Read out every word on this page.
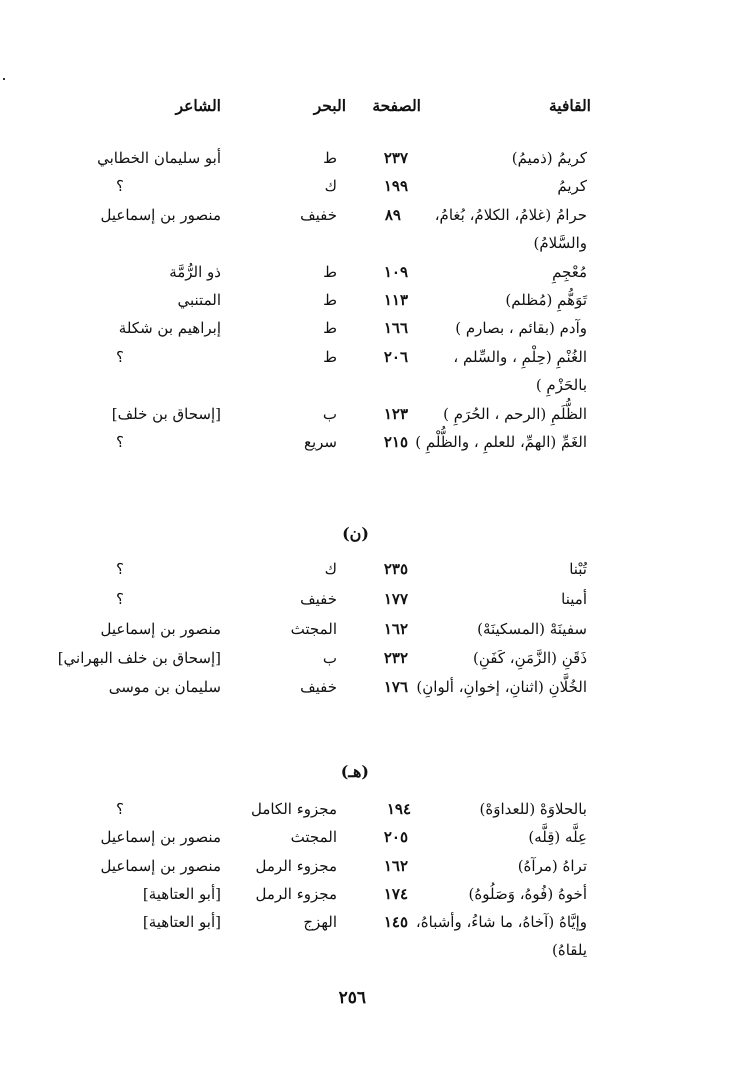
القافية
الصفحة
البحر
الشاعر
كريمُ (ذميمُ)
٢٣٧
ط
أبو سليمان الخطابي
كريمُ
١٩٩
ك
؟
حرامُ (غلامُ، الكلامُ، بُغامُ،
٨٩
خفيف
منصور بن إسماعيل
والسَّلامُ)
مُعْجِمِ
١٠٩
ط
ذو الرُّمَّة
تَوَهُّمِ (مُظلم)
١١٣
ط
المتنبي
وآدم (بقائم ، بصارم )
١٦٦
ط
إبراهيم بن شكلة
الغُنْمِ (حِلْمِ ، والسِّلم ،
٢٠٦
ط
؟
بالحَزْمِ )
الظُّلَمِ (الرحم ، الحُرَمِ )
١٢٣
ب
[إسحاق بن خلف]
الغَمِّ (الهمِّ، للعلمِ ، والظُّلْمِ )
٢١٥
سريع
؟
(ن)
تُبْنا
٢٣٥
ك
؟
أمينا
١٧٧
خفيف
؟
سفينَهْ (المسكينَهْ)
١٦٢
المجتث
منصور بن إسماعيل
ذَقَنِ (الزَّمَنِ، كَفَنِ)
٢٣٢
ب
[إسحاق بن خلف البهراني]
الخُلَّانِ (اثنانِ، إخوانِ، ألوانِ)
١٧٦
خفيف
سليمان بن موسى
(هـ)
بالحلاوَهْ (للعداوَهْ)
١٩٤
مجزوء الكامل
؟
عِلَّه (قِلَّه)
٢٠٥
المجتث
منصور بن إسماعيل
تراهُ (مرآهُ)
١٦٢
مجزوء الرمل
منصور بن إسماعيل
أخوهُ (فُوهُ، وَصَلُوهُ)
١٧٤
مجزوء الرمل
[أبو العتاهية]
وإيَّاهُ (آخاهُ، ما شاءُ، وأشباهُ،
١٤٥
الهزج
[أبو العتاهية]
يلقاهُ)
٢٥٦
